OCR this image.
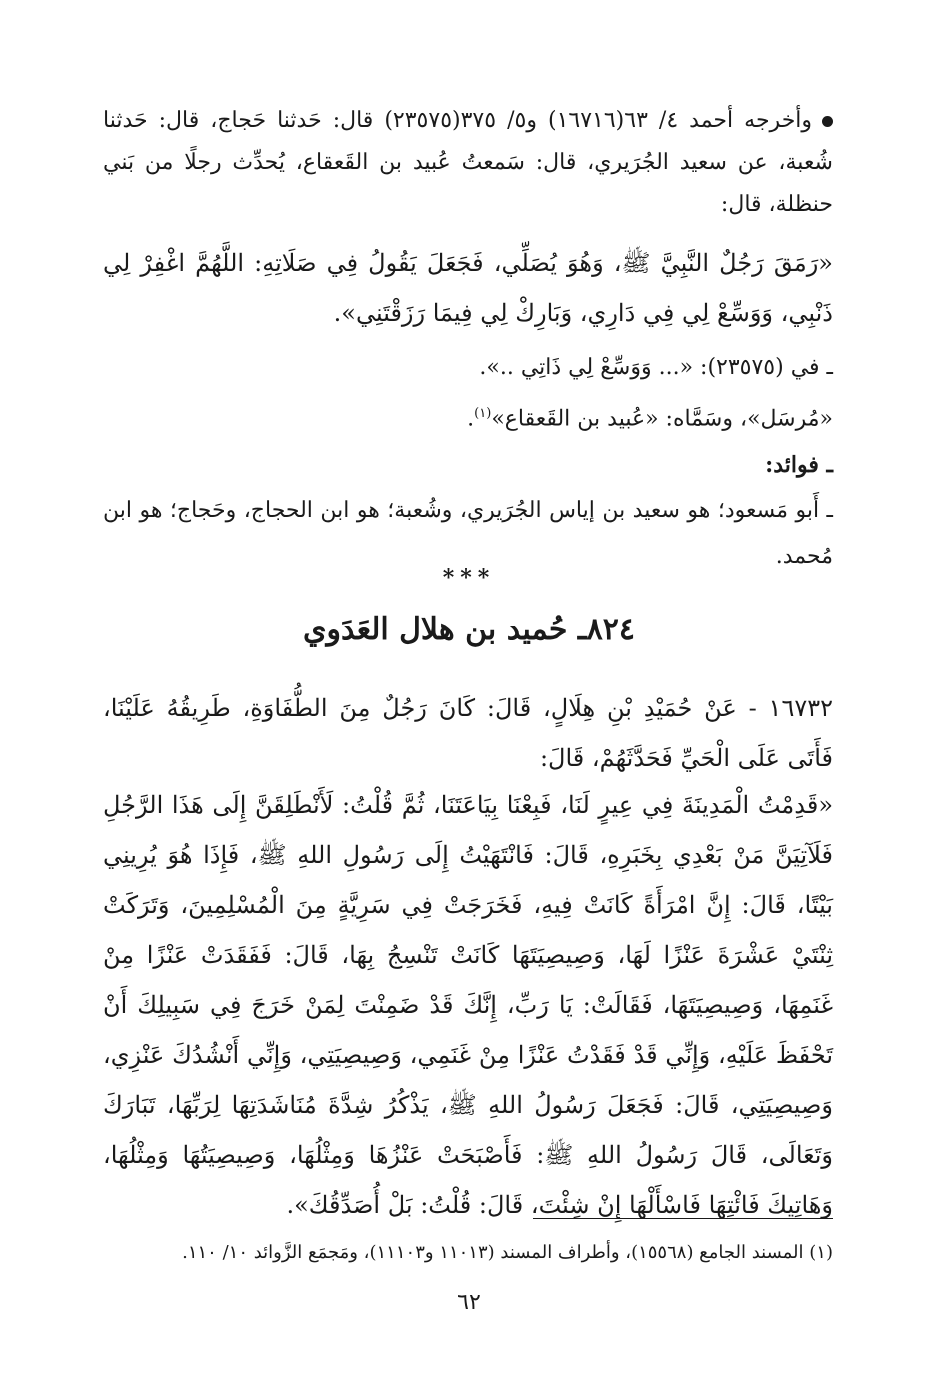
وأخرجه أحمد ٤/ ٦٣(١٦٧١٦) و٥/ ٣٧٥(٢٣٥٧٥) قال: حَدثنا حَجاج، قال: حَدثنا شُعبة، عن سعيد الجُرَيري، قال: سَمعتُ عُبيد بن القَعقاع، يُحدِّث رجلًا من بَني حنظلة، قال:
«رَمَقَ رَجُلٌ النَّبِيَّ ﷺ، وَهُوَ يُصَلِّي، فَجَعَلَ يَقُولُ فِي صَلَاتِهِ: اللَّهُمَّ اغْفِرْ لِي ذَنْبِي، وَوَسِّعْ لِي فِي دَارِي، وَبَارِكْ لِي فِيمَا رَزَقْتَنِي».
ـ في (٢٣٥٧٥): «... وَوَسِّعْ لِي ذَاتِي ..».
«مُرسَل»، وسَمَّاه: «عُبيد بن القَعقاع»$^{(١)}$.
ـ فوائد:
ـ أَبو مَسعود؛ هو سعيد بن إياس الجُرَيري، وشُعبة؛ هو ابن الحجاج، وحَجاج؛ هو ابن مُحمد.
***
٨٢٤ـ حُميد بن هلال العَدَوي
١٦٧٣٢ - عَنْ حُمَيْدِ بْنِ هِلَالٍ، قَالَ: كَانَ رَجُلٌ مِنَ الطُّفَاوَةِ، طَرِيقُهُ عَلَيْنَا، فَأَتَى عَلَى الْحَيِّ فَحَدَّثَهُمْ، قَالَ:
«قَدِمْتُ الْمَدِينَةَ فِي عِيرٍ لَنَا، فَبِعْنَا بِيَاعَتَنَا، ثُمَّ قُلْتُ: لَأَنْطَلِقَنَّ إِلَى هَذَا الرَّجُلِ فَلَآتِيَنَّ مَنْ بَعْدِي بِخَبَرِهِ، قَالَ: فَانْتَهَيْتُ إِلَى رَسُولِ اللهِ ﷺ، فَإِذَا هُوَ يُرِينِي بَيْتًا، قَالَ: إِنَّ امْرَأَةً كَانَتْ فِيهِ، فَخَرَجَتْ فِي سَرِيَّةٍ مِنَ الْمُسْلِمِينَ، وَتَرَكَتْ ثِنْتَيْ عَشْرَةَ عَنْزًا لَهَا، وَصِيصِيَتَهَا كَانَتْ تَنْسِجُ بِهَا، قَالَ: فَفَقَدَتْ عَنْزًا مِنْ غَنَمِهَا، وَصِيصِيَتَهَا، فَقَالَتْ: يَا رَبِّ، إِنَّكَ قَدْ ضَمِنْتَ لِمَنْ خَرَجَ فِي سَبِيلِكَ أَنْ تَحْفَظَ عَلَيْهِ، وَإِنِّي قَدْ فَقَدْتُ عَنْزًا مِنْ غَنَمِي، وَصِيصِيَتِي، وَإِنِّي أَنْشُدُكَ عَنْزِي، وَصِيصِيَتِي، قَالَ: فَجَعَلَ رَسُولُ اللهِ ﷺ، يَذْكُرُ شِدَّةَ مُنَاشَدَتِهَا لِرَبِّهَا، تَبَارَكَ وَتَعَالَى، قَالَ رَسُولُ اللهِ ﷺ: فَأَصْبَحَتْ عَنْزُهَا وَمِثْلُهَا، وَصِيصِيَتُهَا وَمِثْلُهَا، وَهَاتِيكَ فَائْتِهَا فَاسْأَلْهَا إِنْ شِئْتَ، قَالَ: قُلْتُ: بَلْ أُصَدِّقُكَ».
(١) المسند الجامع (١٥٥٦٨)، وأطراف المسند (١١٠١٣ و١١١٠٣)، ومَجمَع الزَّوائد ١٠/ ١١٠.
٦٢
